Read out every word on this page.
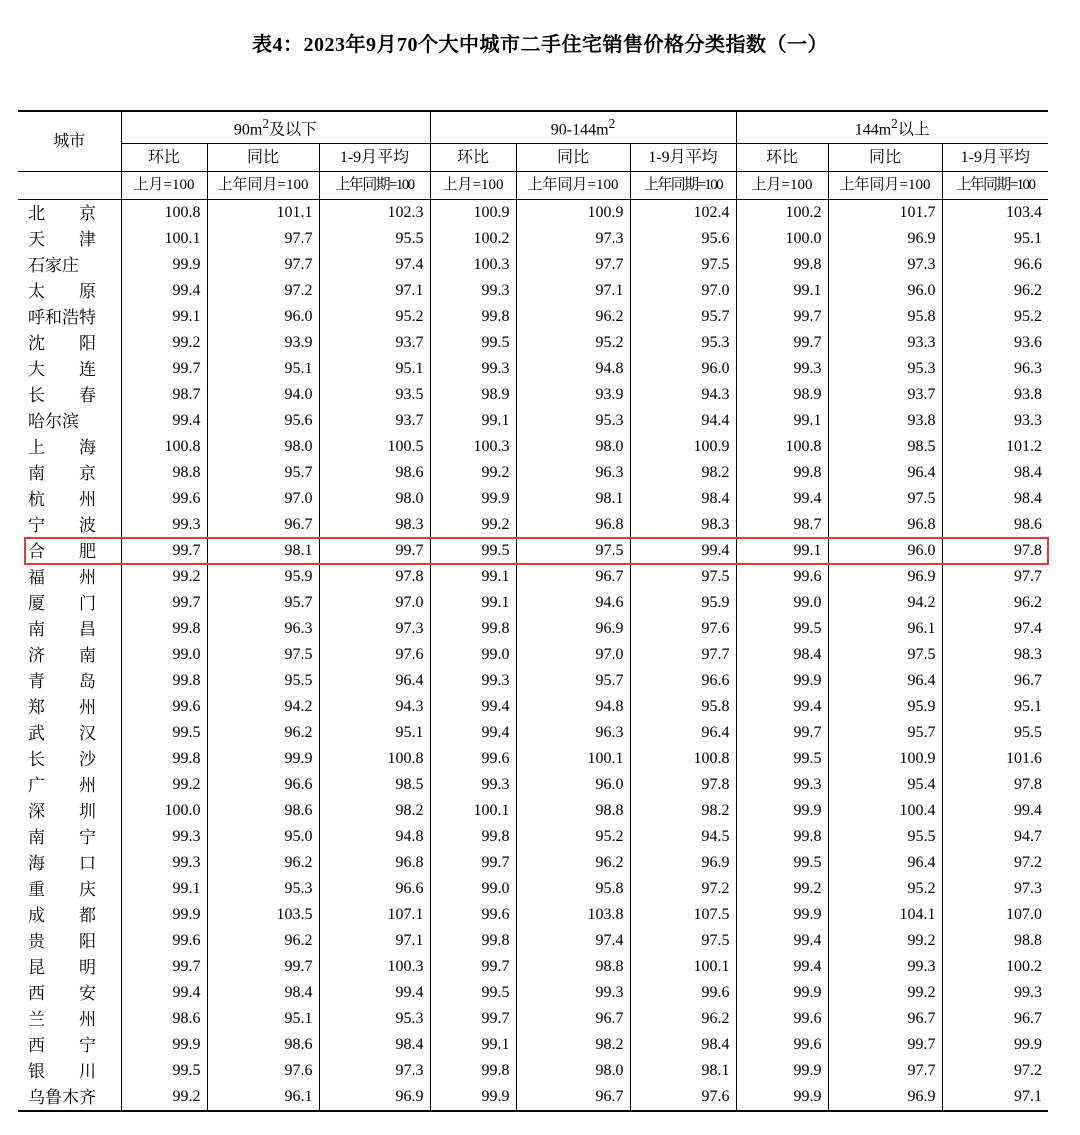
表4：2023年9月70个大中城市二手住宅销售价格分类指数（一）
城市	$90m^2$及以下			$90-144m^2$			$144m^2$以上		
	环比	同比	1-9月平均	环比	同比	1-9月平均	环比	同比	1-9月平均
	上月=100	上年同月=100	上年同期=100	上月=100	上年同月=100	上年同期=100	上月=100	上年同月=100	上年同期=100
北　　京	100.8	101.1	102.3	100.9	100.9	102.4	100.2	101.7	103.4
天　　津	100.1	97.7	95.5	100.2	97.3	95.6	100.0	96.9	95.1
石家庄	99.9	97.7	97.4	100.3	97.7	97.5	99.8	97.3	96.6
太　　原	99.4	97.2	97.1	99.3	97.1	97.0	99.1	96.0	96.2
呼和浩特	99.1	96.0	95.2	99.8	96.2	95.7	99.7	95.8	95.2
沈　　阳	99.2	93.9	93.7	99.5	95.2	95.3	99.7	93.3	93.6
大　　连	99.7	95.1	95.1	99.3	94.8	96.0	99.3	95.3	96.3
长　　春	98.7	94.0	93.5	98.9	93.9	94.3	98.9	93.7	93.8
哈尔滨	99.4	95.6	93.7	99.1	95.3	94.4	99.1	93.8	93.3
上　　海	100.8	98.0	100.5	100.3	98.0	100.9	100.8	98.5	101.2
南　　京	98.8	95.7	98.6	99.2	96.3	98.2	99.8	96.4	98.4
杭　　州	99.6	97.0	98.0	99.9	98.1	98.4	99.4	97.5	98.4
宁　　波	99.3	96.7	98.3	99.2	96.8	98.3	98.7	96.8	98.6
合　　肥	99.7	98.1	99.7	99.5	97.5	99.4	99.1	96.0	97.8
福　　州	99.2	95.9	97.8	99.1	96.7	97.5	99.6	96.9	97.7
厦　　门	99.7	95.7	97.0	99.1	94.6	95.9	99.0	94.2	96.2
南　　昌	99.8	96.3	97.3	99.8	96.9	97.6	99.5	96.1	97.4
济　　南	99.0	97.5	97.6	99.0	97.0	97.7	98.4	97.5	98.3
青　　岛	99.8	95.5	96.4	99.3	95.7	96.6	99.9	96.4	96.7
郑　　州	99.6	94.2	94.3	99.4	94.8	95.8	99.4	95.9	95.1
武　　汉	99.5	96.2	95.1	99.4	96.3	96.4	99.7	95.7	95.5
长　　沙	99.8	99.9	100.8	99.6	100.1	100.8	99.5	100.9	101.6
广　　州	99.2	96.6	98.5	99.3	96.0	97.8	99.3	95.4	97.8
深　　圳	100.0	98.6	98.2	100.1	98.8	98.2	99.9	100.4	99.4
南　　宁	99.3	95.0	94.8	99.8	95.2	94.5	99.8	95.5	94.7
海　　口	99.3	96.2	96.8	99.7	96.2	96.9	99.5	96.4	97.2
重　　庆	99.1	95.3	96.6	99.0	95.8	97.2	99.2	95.2	97.3
成　　都	99.9	103.5	107.1	99.6	103.8	107.5	99.9	104.1	107.0
贵　　阳	99.6	96.2	97.1	99.8	97.4	97.5	99.4	99.2	98.8
昆　　明	99.7	99.7	100.3	99.7	98.8	100.1	99.4	99.3	100.2
西　　安	99.4	98.4	99.4	99.5	99.3	99.6	99.9	99.2	99.3
兰　　州	98.6	95.1	95.3	99.7	96.7	96.2	99.6	96.7	96.7
西　　宁	99.9	98.6	98.4	99.1	98.2	98.4	99.6	99.7	99.9
银　　川	99.5	97.6	97.3	99.8	98.0	98.1	99.9	97.7	97.2
乌鲁木齐	99.2	96.1	96.9	99.9	96.7	97.6	99.9	96.9	97.1
